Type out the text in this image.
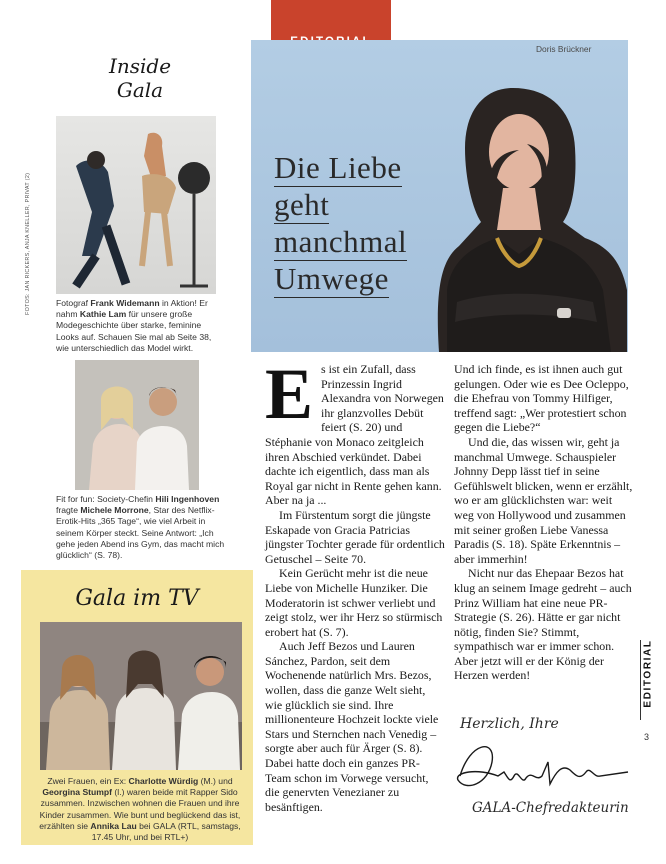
Doris Brückner
Die Liebe
geht
manchmal
Umwege
Inside
Gala
FOTOS: JAN RICKERS, ANJA KNELLER, PRIVAT (2)	Fotograf Frank Widemann in Aktion! Er nahm Kathie Lam für unsere große Modegeschichte über starke, feminine Looks auf. Schauen Sie mal ab Seite 38, wie unterschiedlich das Model wirkt.
Fit for fun: Society-Chefin Hili Ingenhoven fragte Michele Morrone, Star des Netflix-Erotik-Hits „365 Tage“, wie viel Arbeit in seinem Körper steckt. Seine Antwort: „Ich gehe jeden Abend ins Gym, das macht mich glücklich“ (S. 78).
Gala im TV
Zwei Frauen, ein Ex: Charlotte Würdig (M.) und Georgina Stumpf (l.) waren beide mit Rapper Sido zusammen. Inzwischen wohnen die Frauen und ihre Kinder zusammen. Wie bunt und beglückend das ist, erzählten sie Annika Lau bei GALA (RTL, samstags, 17.45 Uhr, und bei RTL+)
E s ist ein Zufall, dass Prinzessin Ingrid Alexandra von Norwegen ihr glanzvolles Debüt feiert (S. 20) und Stéphanie von Monaco zeitgleich ihren Abschied verkündet. Dabei dachte ich eigentlich, dass man als Royal gar nicht in Rente gehen kann. Aber na ja ...

Im Fürstentum sorgt die jüngste Eskapade von Gracia Patricias jüngster Tochter gerade für ordentlich Getuschel – Seite 70.

Kein Gerücht mehr ist die neue Liebe von Michelle Hunziker. Die Moderatorin ist schwer verliebt und zeigt stolz, wer ihr Herz so stürmisch erobert hat (S. 7).

Auch Jeff Bezos und Lauren Sánchez, Pardon, seit dem Wochenende natürlich Mrs. Bezos, wollen, dass die ganze Welt sieht, wie glücklich sie sind. Ihre millionenteure Hochzeit lockte viele Stars und Sternchen nach Venedig – sorgte aber auch für Ärger (S. 8). Dabei hatte doch ein ganzes PR-Team schon im Vorwege versucht, die genervten Venezianer zu besänftigen.

Und ich finde, es ist ihnen auch gut gelungen. Oder wie es Dee Ocleppo, die Ehefrau von Tommy Hilfiger, treffend sagt: „Wer protestiert schon gegen die Liebe?“

Und die, das wissen wir, geht ja manchmal Umwege. Schauspieler Johnny Depp lässt tief in seine Gefühlswelt blicken, wenn er erzählt, wo er am glücklichsten war: weit weg von Hollywood und zusammen mit seiner großen Liebe Vanessa Paradis (S. 18). Späte Erkenntnis – aber immerhin!

Nicht nur das Ehepaar Bezos hat klug an seinem Image gedreht – auch Prinz William hat eine neue PR-Strategie (S. 26). Hätte er gar nicht nötig, finden Sie? Stimmt, sympathisch war er immer schon. Aber jetzt will er der König der Herzen werden!

Herzlich, Ihre
GALA-Chefredakteurin
EDITORIAL
3
